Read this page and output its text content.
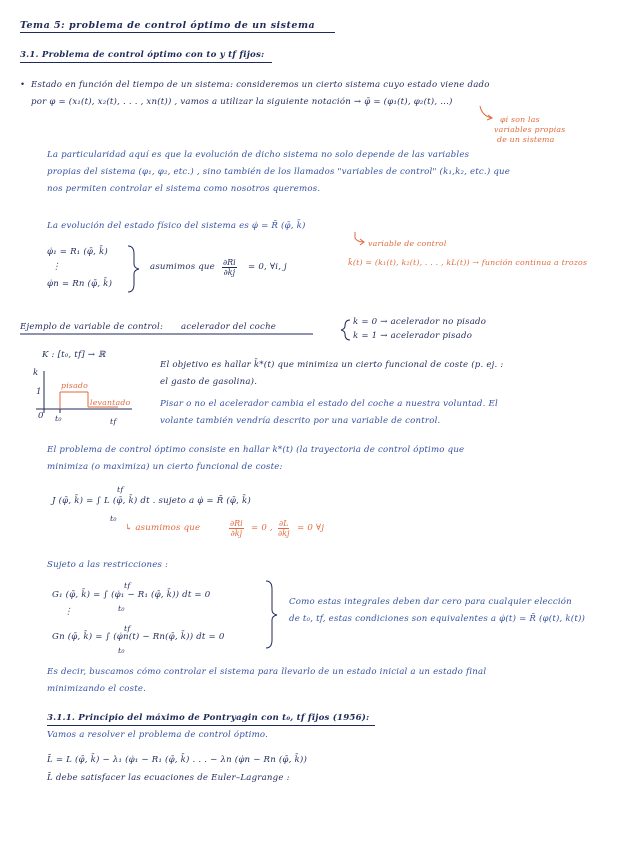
Tema 5: problema de control óptimo de un sistema
3.1. Problema de control óptimo con to y tf fijos:
• Estado en función del tiempo de un sistema: consideremos un cierto sistema cuyo estado viene dado
por φ = (x₁(t), x₂(t), . . . , xn(t)) , vamos a utilizar la siguiente notación → φ̄ = (φ₁(t), φ₂(t), ...)
φi son las
variables propias
de un sistema
La particularidad aquí es que la evolución de dicho sistema no solo depende de las variables
propias del sistema (φ₁, φ₂, etc.) , sino también de los llamados "variables de control" (k₁,k₂, etc.) que
nos permiten controlar el sistema como nosotros queremos.
La evolución del estado físico del sistema es φ̇ = R̄ (φ̄, k̄)
φ̇₁ = R₁ (φ̄, k̄)
⋮
φ̇n = Rn (φ̄, k̄)
asumimos que $\frac{\partial Ri}{\partial kj} = 0$, ∀i, j
variable de control
k̄(t) = (k₁(t), k₂(t), . . . , kL(t)) → función continua a trozos
Ejemplo de variable de control: acelerador del coche	k = 0 → acelerador no pisado
k = 1 → acelerador pisado
K : [t₀, tf] → ℝ
k
1
0 t₀	tf
pisado
levantado
El objetivo es hallar k̄*(t) que minimiza un cierto funcional de coste (p. ej. :
el gasto de gasolina).
Pisar o no el acelerador cambia el estado del coche a nuestra voluntad. El
volante también vendría descrito por una variable de control.
El problema de control óptimo consiste en hallar k*(t) (la trayectoria de control óptimo que
minimiza (o maximiza) un cierto funcional de coste:
tf
J (φ̄, k̄) = ∫ L (φ̄, k̄) dt . sujeto a φ̇ = R̄ (φ̄, k̄)
t₀
↳ asumimos que	$\frac{\partial Ri}{\partial kj} = 0$ , $\frac{\partial L}{\partial kj} = 0$ ∀j
Sujeto a las restricciones :
tf
G₁ (φ̄, k̄) = ∫ (φ̇₁ − R₁ (φ̄, k̄)) dt = 0
t₀
⋮
tf
Gn (φ̄, k̄) = ∫ (φ̇n(t) − Rn(φ̄, k̄)) dt = 0
t₀
Como estas integrales deben dar cero para cualquier elección
de t₀, tf, estas condiciones son equivalentes a φ̇(t) = R̄ (φ(t), k(t))
Es decir, buscamos cómo controlar el sistema para llevarlo de un estado inicial a un estado final
minimizando el coste.
3.1.1. Principio del máximo de Pontryagin con t₀, tf fijos (1956):
Vamos a resolver el problema de control óptimo.
L̄ = L (φ̄, k̄) − λ₁ (φ̇₁ − R₁ (φ̄, k̄) . . . − λn (φ̇n − Rn (φ̄, k̄))
L̄ debe satisfacer las ecuaciones de Euler–Lagrange :
